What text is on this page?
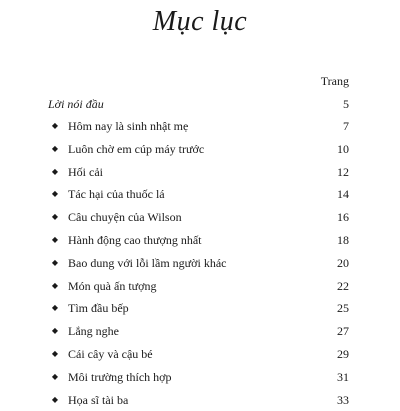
Mục lục
Trang
Lời nói đầu	5
◆ Hôm nay là sinh nhật mẹ	7
◆ Luôn chờ em cúp máy trước	10
◆ Hối cải	12
◆ Tác hại của thuốc lá	14
◆ Câu chuyện của Wilson	16
◆ Hành động cao thượng nhất	18
◆ Bao dung với lỗi lầm người khác	20
◆ Món quà ấn tượng	22
◆ Tìm đầu bếp	25
◆ Lắng nghe	27
◆ Cái cây và cậu bé	29
◆ Môi trường thích hợp	31
◆ Họa sĩ tài ba	33
